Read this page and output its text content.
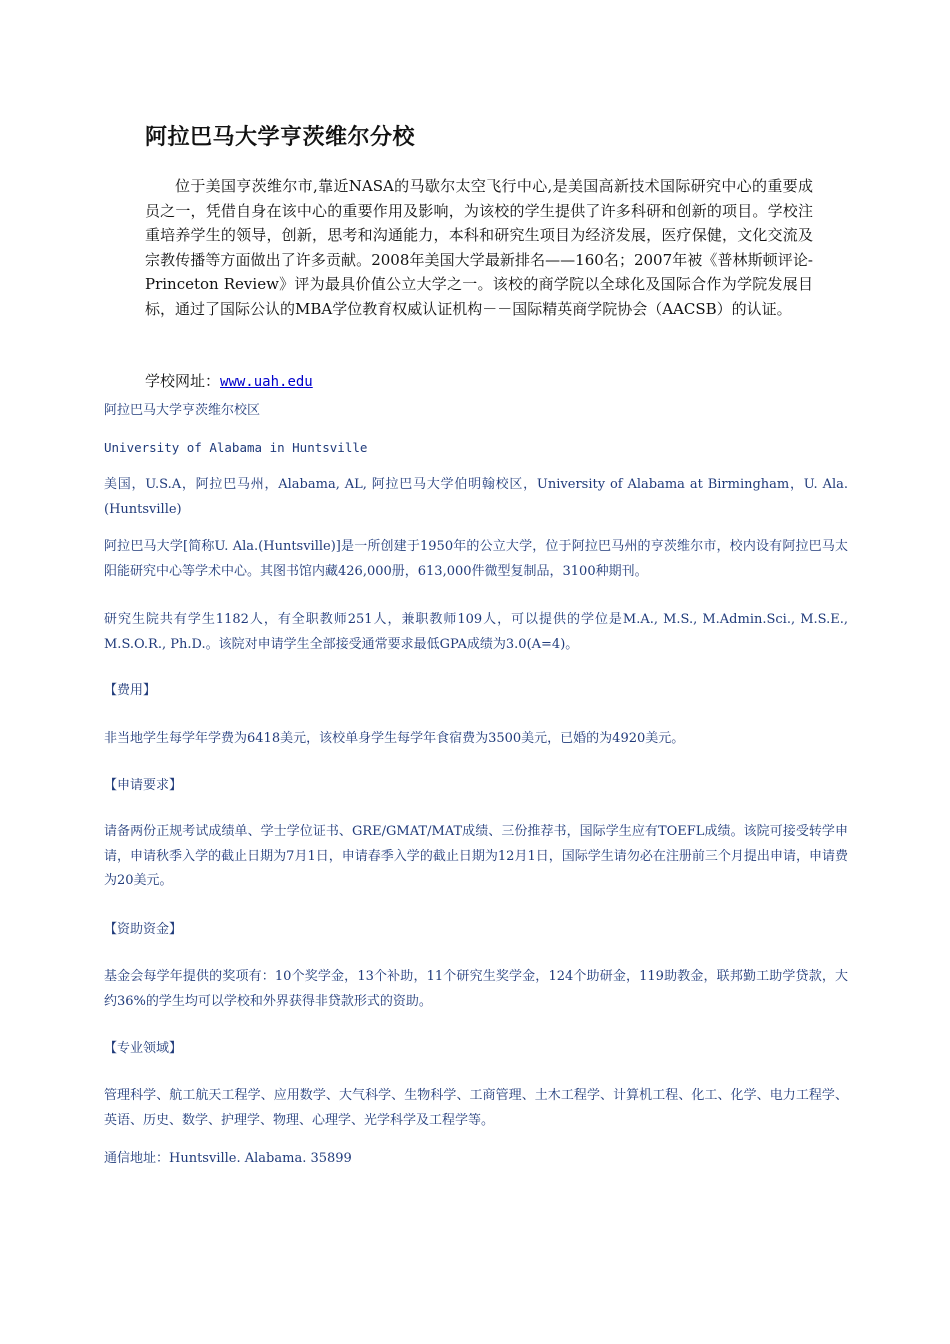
阿拉巴马大学亨茨维尔分校

位于美国亨茨维尔市,靠近NASA的马歇尔太空飞行中心,是美国高新技术国际研究中心的重要成员之一，凭借自身在该中心的重要作用及影响，为该校的学生提供了许多科研和创新的项目。学校注重培养学生的领导，创新，思考和沟通能力，本科和研究生项目为经济发展，医疗保健，文化交流及宗教传播等方面做出了许多贡献。2008年美国大学最新排名——160名；2007年被《普林斯顿评论-Princeton Review》评为最具价值公立大学之一。该校的商学院以全球化及国际合作为学院发展目标，通过了国际公认的MBA学位教育权威认证机构－－国际精英商学院协会（AACSB）的认证。

学校网址：www.uah.edu

阿拉巴马大学亨茨维尔校区

University of Alabama in Huntsville

美国，U.S.A，阿拉巴马州，Alabama, AL, 阿拉巴马大学伯明翰校区，University of Alabama at Birmingham，U. Ala.(Huntsville)

阿拉巴马大学[简称U. Ala.(Huntsville)]是一所创建于1950年的公立大学，位于阿拉巴马州的亨茨维尔市，校内设有阿拉巴马太阳能研究中心等学术中心。其图书馆内藏426,000册，613,000件微型复制品，3100种期刊。

研究生院共有学生1182人，有全职教师251人，兼职教师109人，可以提供的学位是M.A., M.S., M.Admin.Sci., M.S.E., M.S.O.R., Ph.D.。该院对申请学生全部接受通常要求最低GPA成绩为3.0(A=4)。

【费用】

非当地学生每学年学费为6418美元，该校单身学生每学年食宿费为3500美元，已婚的为4920美元。

【申请要求】

请备两份正规考试成绩单、学士学位证书、GRE/GMAT/MAT成绩、三份推荐书，国际学生应有TOEFL成绩。该院可接受转学申请，申请秋季入学的截止日期为7月1日，申请春季入学的截止日期为12月1日，国际学生请勿必在注册前三个月提出申请，申请费为20美元。

【资助资金】

基金会每学年提供的奖项有：10个奖学金，13个补助，11个研究生奖学金，124个助研金，119助教金，联邦勤工助学贷款，大约36%的学生均可以学校和外界获得非贷款形式的资助。

【专业领域】

管理科学、航工航天工程学、应用数学、大气科学、生物科学、工商管理、土木工程学、计算机工程、化工、化学、电力工程学、英语、历史、数学、护理学、物理、心理学、光学科学及工程学等。

通信地址：Huntsville. Alabama. 35899
